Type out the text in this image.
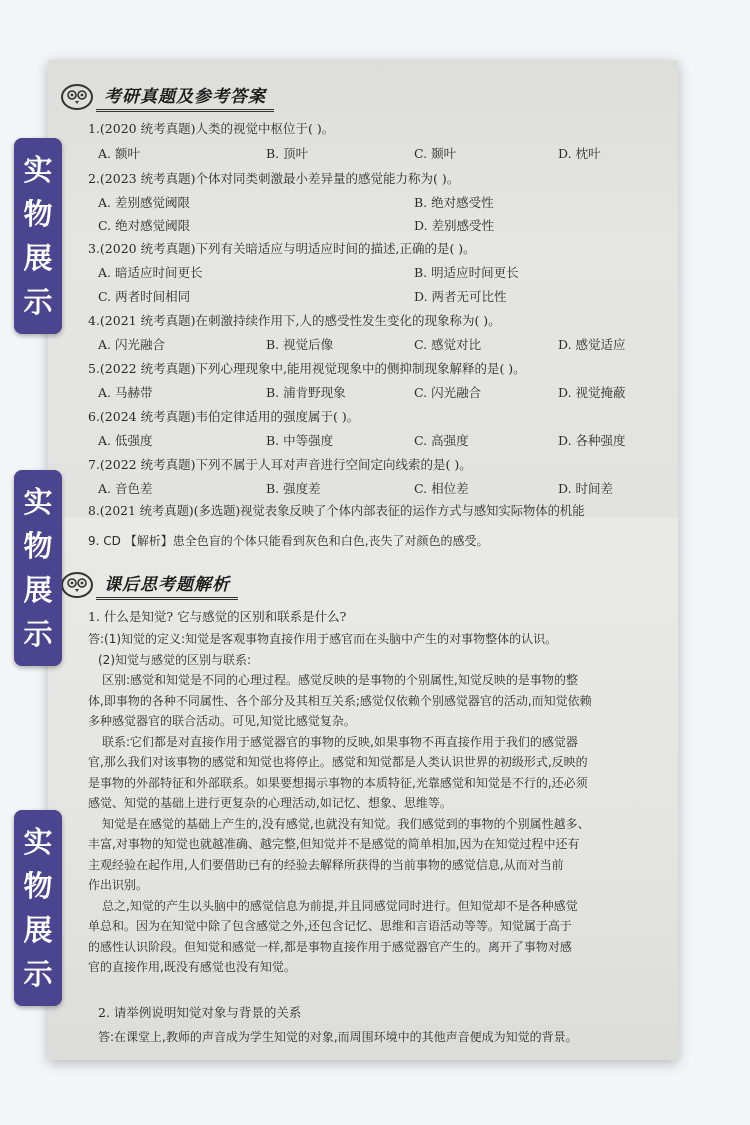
考研真题及参考答案
1.(2020 统考真题)人类的视觉中枢位于( )。
A. 额叶	B. 顶叶	C. 颞叶	D. 枕叶
2.(2023 统考真题)个体对同类刺激最小差异量的感觉能力称为( )。
A. 差别感觉阈限	B. 绝对感受性
C. 绝对感觉阈限	D. 差别感受性
3.(2020 统考真题)下列有关暗适应与明适应时间的描述,正确的是( )。
A. 暗适应时间更长	B. 明适应时间更长
C. 两者时间相同	D. 两者无可比性
4.(2021 统考真题)在刺激持续作用下,人的感受性发生变化的现象称为( )。
A. 闪光融合	B. 视觉后像	C. 感觉对比	D. 感觉适应
5.(2022 统考真题)下列心理现象中,能用视觉现象中的侧抑制现象解释的是( )。
A. 马赫带	B. 浦肯野现象	C. 闪光融合	D. 视觉掩蔽
6.(2024 统考真题)韦伯定律适用的强度属于( )。
A. 低强度	B. 中等强度	C. 高强度	D. 各种强度
7.(2022 统考真题)下列不属于人耳对声音进行空间定向线索的是( )。
A. 音色差	B. 强度差	C. 相位差	D. 时间差
8.(2021 统考真题)(多选题)视觉表象反映了个体内部表征的运作方式与感知实际物体的机能
9. CD 【解析】患全色盲的个体只能看到灰色和白色,丧失了对颜色的感受。
课后思考题解析
1. 什么是知觉? 它与感觉的区别和联系是什么?

答:(1)知觉的定义:知觉是客观事物直接作用于感官而在头脑中产生的对事物整体的认识。

(2)知觉与感觉的区别与联系:

区别:感觉和知觉是不同的心理过程。感觉反映的是事物的个别属性,知觉反映的是事物的整

体,即事物的各种不同属性、各个部分及其相互关系;感觉仅依赖个别感觉器官的活动,而知觉依赖

多种感觉器官的联合活动。可见,知觉比感觉复杂。

联系:它们都是对直接作用于感觉器官的事物的反映,如果事物不再直接作用于我们的感觉器

官,那么我们对该事物的感觉和知觉也将停止。感觉和知觉都是人类认识世界的初级形式,反映的

是事物的外部特征和外部联系。如果要想揭示事物的本质特征,光靠感觉和知觉是不行的,还必须

感觉、知觉的基础上进行更复杂的心理活动,如记忆、想象、思维等。

知觉是在感觉的基础上产生的,没有感觉,也就没有知觉。我们感觉到的事物的个别属性越多、

丰富,对事物的知觉也就越准确、越完整,但知觉并不是感觉的简单相加,因为在知觉过程中还有

主观经验在起作用,人们要借助已有的经验去解释所获得的当前事物的感觉信息,从而对当前

作出识别。

总之,知觉的产生以头脑中的感觉信息为前提,并且同感觉同时进行。但知觉却不是各种感觉

单总和。因为在知觉中除了包含感觉之外,还包含记忆、思维和言语活动等等。知觉属于高于

的感性认识阶段。但知觉和感觉一样,都是事物直接作用于感觉器官产生的。离开了事物对感

官的直接作用,既没有感觉也没有知觉。

2. 请举例说明知觉对象与背景的关系
答:在课堂上,教师的声音成为学生知觉的对象,而周围环境中的其他声音便成为知觉的背景。
实
物
展
示
实
物
展
示
实
物
展
示
